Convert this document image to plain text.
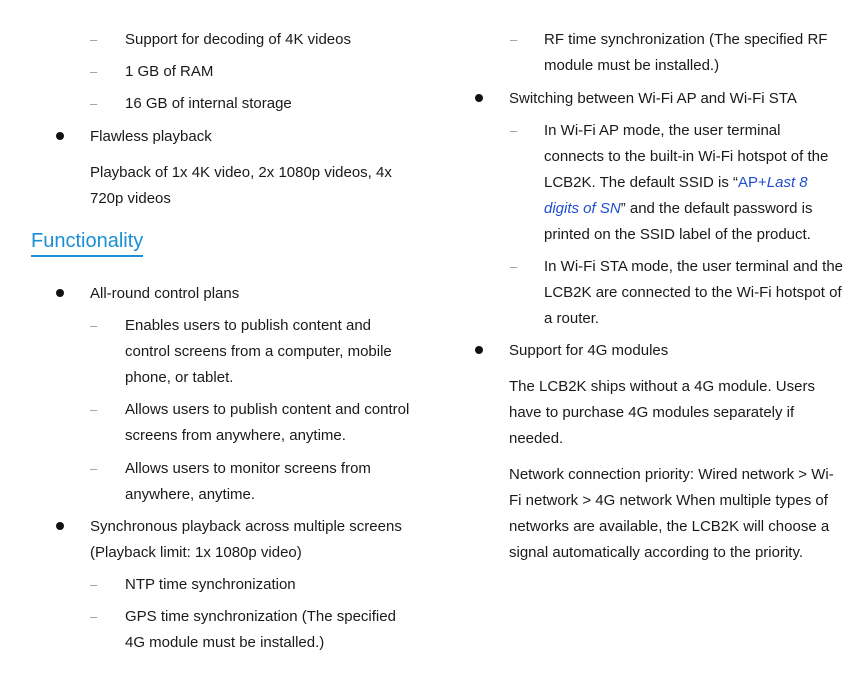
– Support for decoding of 4K videos
– 1 GB of RAM
– 16 GB of internal storage
Flawless playback
Playback of 1x 4K video, 2x 1080p videos, 4x 720p videos
Functionality
All-round control plans
– Enables users to publish content and control screens from a computer, mobile phone, or tablet.
– Allows users to publish content and control screens from anywhere, anytime.
– Allows users to monitor screens from anywhere, anytime.
Synchronous playback across multiple screens (Playback limit: 1x 1080p video)
– NTP time synchronization
– GPS time synchronization (The specified 4G module must be installed.)
– RF time synchronization (The specified RF module must be installed.)
Switching between Wi-Fi AP and Wi-Fi STA
– In Wi-Fi AP mode, the user terminal connects to the built-in Wi-Fi hotspot of the LCB2K. The default SSID is “AP+Last 8 digits of SN” and the default password is printed on the SSID label of the product.
– In Wi-Fi STA mode, the user terminal and the LCB2K are connected to the Wi-Fi hotspot of a router.
Support for 4G modules
The LCB2K ships without a 4G module. Users have to purchase 4G modules separately if needed.
Network connection priority: Wired network > Wi-Fi network > 4G network When multiple types of networks are available, the LCB2K will choose a signal automatically according to the priority.
